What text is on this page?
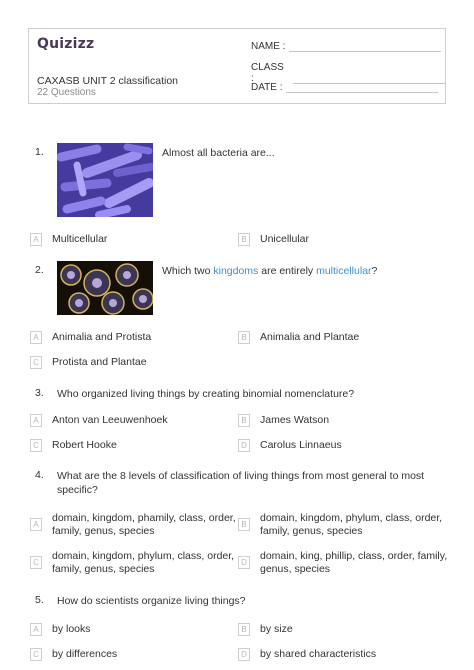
Quizizz
CAXASB UNIT 2 classification
22 Questions
NAME :
CLASS :
DATE :
1.	Almost all bacteria are...
A	Multicellular	B	Unicellular
2.	Which two kingdoms are entirely multicellular?
A	Animalia and Protista	B	Animalia and Plantae
C Protista and Plantae
3. Who organized living things by creating binomial nomenclature?
A	Anton van Leeuwenhoek	B	James Watson
C Robert Hooke	D Carolus Linnaeus
4. What are the 8 levels of classification of living things from most general to most
specific?
A
domain, kingdom, phamily, class, order,
family, genus, species
B
domain, kingdom, phylum, class, order,
family, genus, species
C
domain, kingdom, phylum, class, order,
family, genus, species
D
domain, king, phillip, class, order, family,
genus, species
5. How do scientists organize living things?
A	by looks	B	by size
C by differences	D by shared characteristics
